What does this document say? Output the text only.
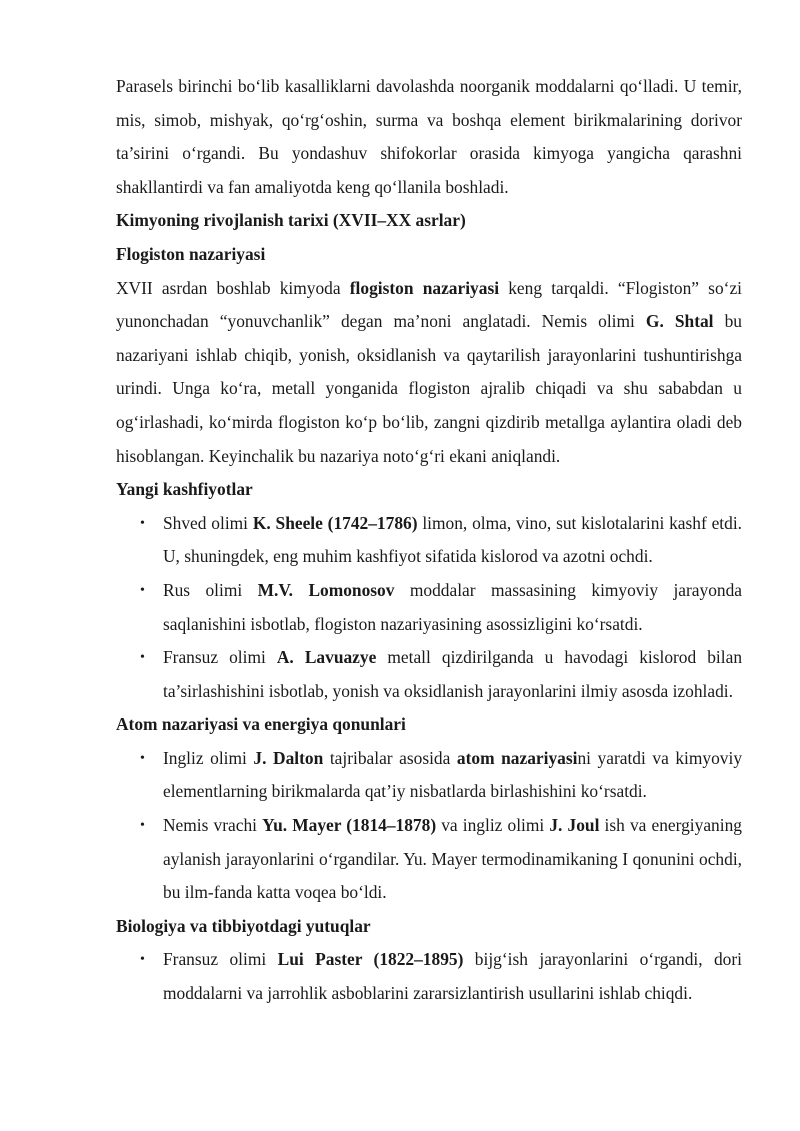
Parasels birinchi bo‘lib kasalliklarni davolashda noorganik moddalarni qo‘lladi. U temir, mis, simob, mishyak, qo‘rg‘oshin, surma va boshqa element birikmalarining dorivor ta’sirini o‘rgandi. Bu yondashuv shifokorlar orasida kimyoga yangicha qarashni shakllantirdi va fan amaliyotda keng qo‘llanila boshladi.

Kimyoning rivojlanish tarixi (XVII–XX asrlar)

Flogiston nazariyasi

XVII asrdan boshlab kimyoda flogiston nazariyasi keng tarqaldi. “Flogiston” so‘zi yunonchadan “yonuvchanlik” degan ma’noni anglatadi. Nemis olimi G. Shtal bu nazariyani ishlab chiqib, yonish, oksidlanish va qaytarilish jarayonlarini tushuntirishga urindi. Unga ko‘ra, metall yonganida flogiston ajralib chiqadi va shu sababdan u og‘irlashadi, ko‘mirda flogiston ko‘p bo‘lib, zangni qizdirib metallga aylantira oladi deb hisoblangan. Keyinchalik bu nazariya noto‘g‘ri ekani aniqlandi.

Yangi kashfiyotlar

• Shved olimi K. Sheele (1742–1786) limon, olma, vino, sut kislotalarini kashf etdi. U, shuningdek, eng muhim kashfiyot sifatida kislorod va azotni ochdi.
• Rus olimi M.V. Lomonosov moddalar massasining kimyoviy jarayonda saqlanishini isbotlab, flogiston nazariyasining asossizligini ko‘rsatdi.
• Fransuz olimi A. Lavuazye metall qizdirilganda u havodagi kislorod bilan ta’sirlashishini isbotlab, yonish va oksidlanish jarayonlarini ilmiy asosda izohladi.

Atom nazariyasi va energiya qonunlari

• Ingliz olimi J. Dalton tajribalar asosida atom nazariyasini yaratdi va kimyoviy elementlarning birikmalarda qat’iy nisbatlarda birlashishini ko‘rsatdi.
• Nemis vrachi Yu. Mayer (1814–1878) va ingliz olimi J. Joul ish va energiyaning aylanish jarayonlarini o‘rgandilar. Yu. Mayer termodinamikaning I qonunini ochdi, bu ilm-fanda katta voqea bo‘ldi.

Biologiya va tibbiyotdagi yutuqlar

• Fransuz olimi Lui Paster (1822–1895) bijg‘ish jarayonlarini o‘rgandi, dori moddalarni va jarrohlik asboblarini zararsizlantirish usullarini ishlab chiqdi.
